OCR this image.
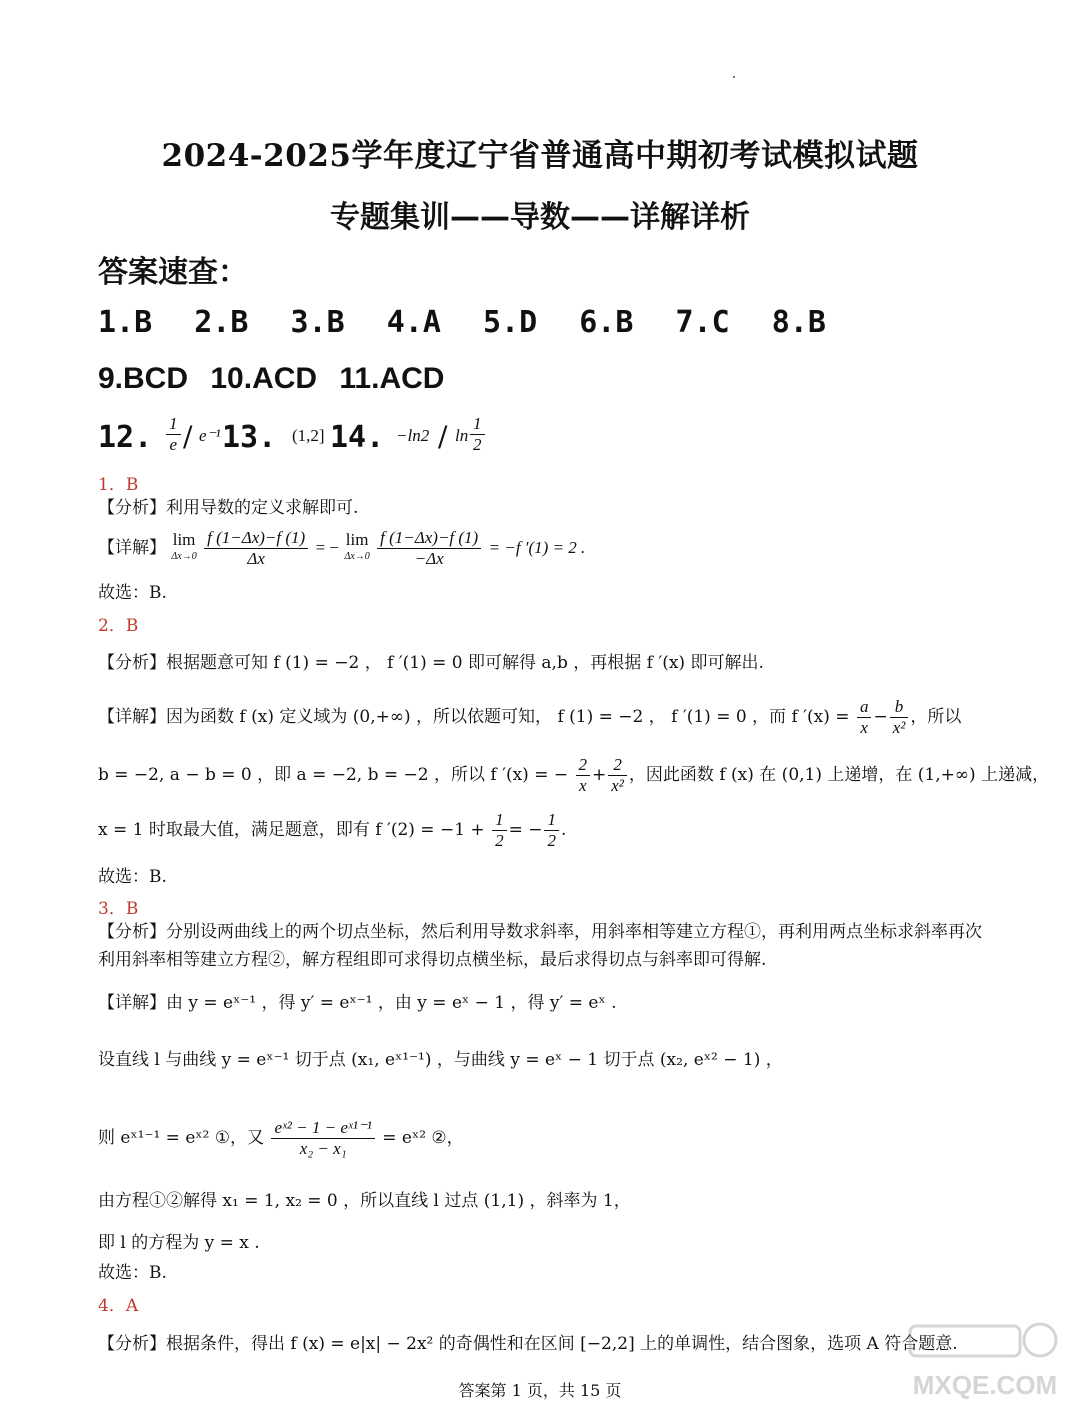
2024-2025学年度辽宁省普通高中期初考试模拟试题
专题集训——导数——详解详析
答案速查：
1.B 2.B 3.B 4.A 5.D 6.B 7.C 8.B
9.BCD 10.ACD 11.ACD
12. $\frac{1}{e} / e^{-1}$ 13. (1,2] 14. $-\ln 2 / \ln \frac{1}{2}$
1．B
【分析】利用导数的定义求解即可.
【详解】 lim
$\Delta x\to 0 \frac{f (1-\Delta x)-f (1)}{\Delta x}$ = − lim
$\Delta x\to 0 \frac{f (1-\Delta x)-f (1)}{-\Delta x} = -f$ ′(1) = 2 .
故选：B.
2．B
【分析】根据题意可知 f (1) = −2 ， f ′(1) = 0 即可解得 a,b ，再根据 f ′(x) 即可解出.
【详解】因为函数 f (x) 定义域为 (0,+∞) ，所以依题可知， f (1) = −2 ， f ′(1) = 0 ，而 f $'(x) = \frac{a}{x} - \frac{b}{\text{x²}}$ ，所以
b = −2, a − b = 0 ，即 a = −2, b = −2 ，所以 f ′(x) = − $\frac{2}{x} + \frac{2}{\text{x²}}$ ，因此函数 f (x) 在 (0,1) 上递增，在 (1,+∞) 上递减，
x = 1 时取最大值，满足题意，即有 f $'(2) = -1 + \frac{1}{2}$ = − $\frac{1}{2}$ .
故选：B.
3．B
【分析】分别设两曲线上的两个切点坐标，然后利用导数求斜率，用斜率相等建立方程①，再利用两点坐标求斜率再次利用斜率相等建立方程②，解方程组即可求得切点横坐标，最后求得切点与斜率即可得解.
【详解】由 y = eˣ⁻¹ ，得 y′ = eˣ⁻¹ ，由 y = eˣ − 1 ，得 y′ = eˣ .
设直线 l 与曲线 y = eˣ⁻¹ 切于点 (x₁, eˣ¹⁻¹) ，与曲线 y = eˣ − 1 切于点 (x₂, eˣ² − 1) ，
则 eˣ¹⁻¹ = eˣ² ①，又 $\frac{\text{eˣ² − 1 − eˣ¹⁻¹}}{\text{x₂ − x₁}}$ = eˣ² ②，
由方程①②解得 x₁ = 1, x₂ = 0 ，所以直线 l 过点 (1,1) ，斜率为 1，
即 l 的方程为 y = x .
故选：B.
4．A
【分析】根据条件，得出 f (x) = e|x| − 2x² 的奇偶性和在区间 [−2,2] 上的单调性，结合图象，选项 A 符合题意.
MXQE.COM
答案第 1 页，共 15 页
